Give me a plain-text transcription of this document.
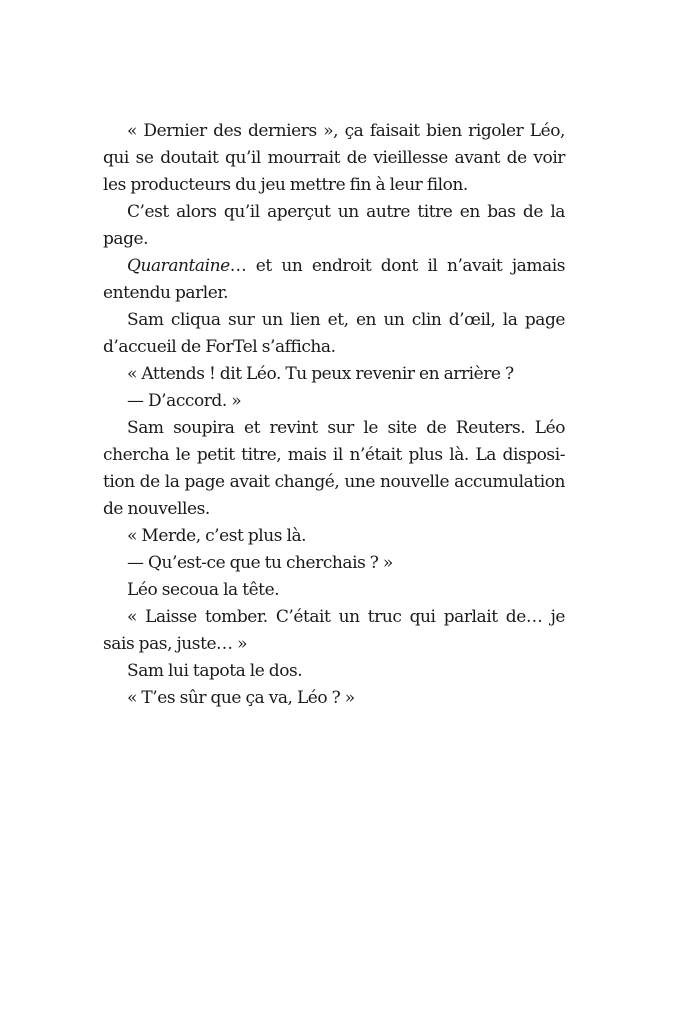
« Dernier des derniers », ça faisait bien rigoler Léo,
qui se doutait qu’il mourrait de vieillesse avant de voir
les producteurs du jeu mettre fin à leur filon.
C’est alors qu’il aperçut un autre titre en bas de la
page.
Quarantaine… et un endroit dont il n’avait jamais
entendu parler.
Sam cliqua sur un lien et, en un clin d’œil, la page
d’accueil de ForTel s’afficha.
« Attends ! dit Léo. Tu peux revenir en arrière ?
— D’accord. »
Sam soupira et revint sur le site de Reuters. Léo
chercha le petit titre, mais il n’était plus là. La disposi-
tion de la page avait changé, une nouvelle accumulation
de nouvelles.
« Merde, c’est plus là.
— Qu’est-ce que tu cherchais ? »
Léo secoua la tête.
« Laisse tomber. C’était un truc qui parlait de… je
sais pas, juste… »
Sam lui tapota le dos.
« T’es sûr que ça va, Léo ? »
